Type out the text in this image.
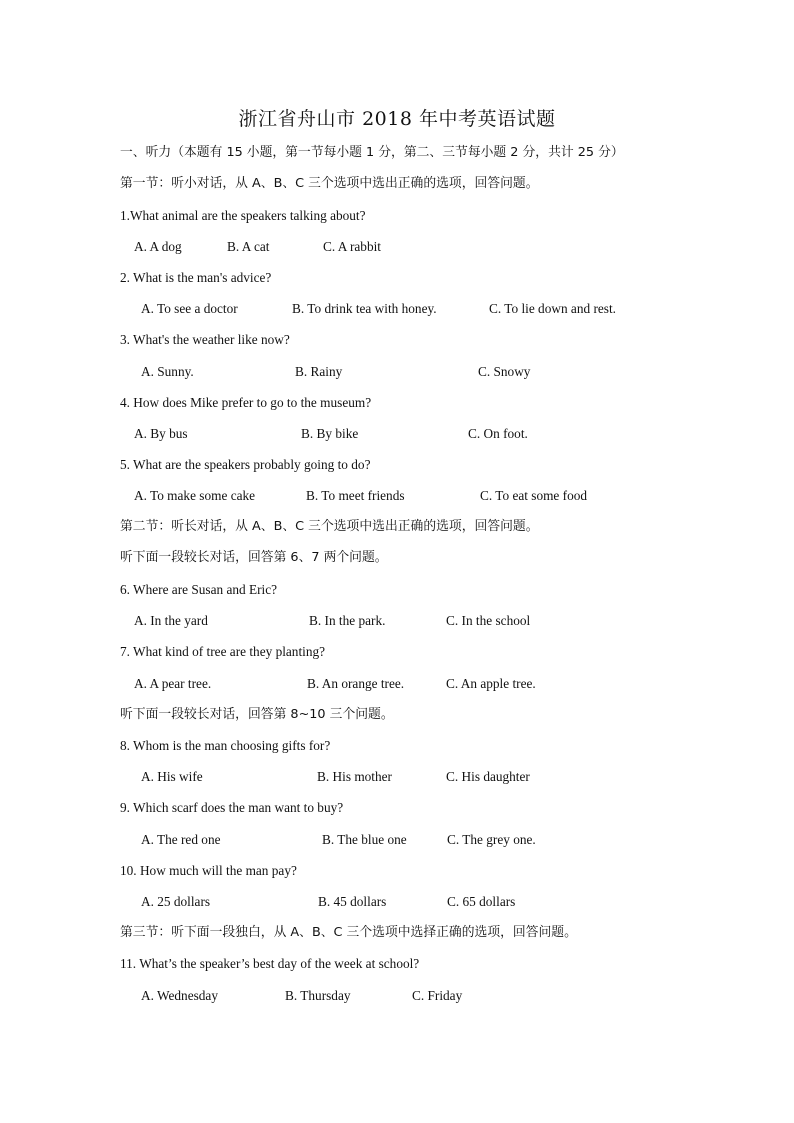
浙江省舟山市 2018 年中考英语试题
一、听力（本题有 15 小题，第一节每小题 1 分，第二、三节每小题 2 分，共计 25 分）
第一节：听小对话，从 A、B、C 三个选项中选出正确的选项，回答问题。
1.What animal are the speakers talking about?
A. A dog	B. A cat	C. A rabbit
2. What is the man's advice?
A. To see a doctor	B. To drink tea with honey.	C. To lie down and rest.
3. What's the weather like now?
A. Sunny.	B. Rainy	C. Snowy
4. How does Mike prefer to go to the museum?
A. By bus	B. By bike	C. On foot.
5. What are the speakers probably going to do?
A. To make some cake	B. To meet friends	C. To eat some food
第二节：听长对话，从 A、B、C 三个选项中选出正确的选项，回答问题。
听下面一段较长对话，回答第 6、7 两个问题。
6. Where are Susan and Eric?
A. In the yard	B. In the park.	C. In the school
7. What kind of tree are they planting?
A. A pear tree.	B. An orange tree.	C. An apple tree.
听下面一段较长对话，回答第 8~10 三个问题。
8. Whom is the man choosing gifts for?
A. His wife	B. His mother	C. His daughter
9. Which scarf does the man want to buy?
A. The red one	B. The blue one	C. The grey one.
10. How much will the man pay?
A. 25 dollars	B. 45 dollars	C. 65 dollars
第三节：听下面一段独白，从 A、B、C 三个选项中选择正确的选项，回答问题。
11. What’s the speaker’s best day of the week at school?
A. Wednesday	B. Thursday	C. Friday
